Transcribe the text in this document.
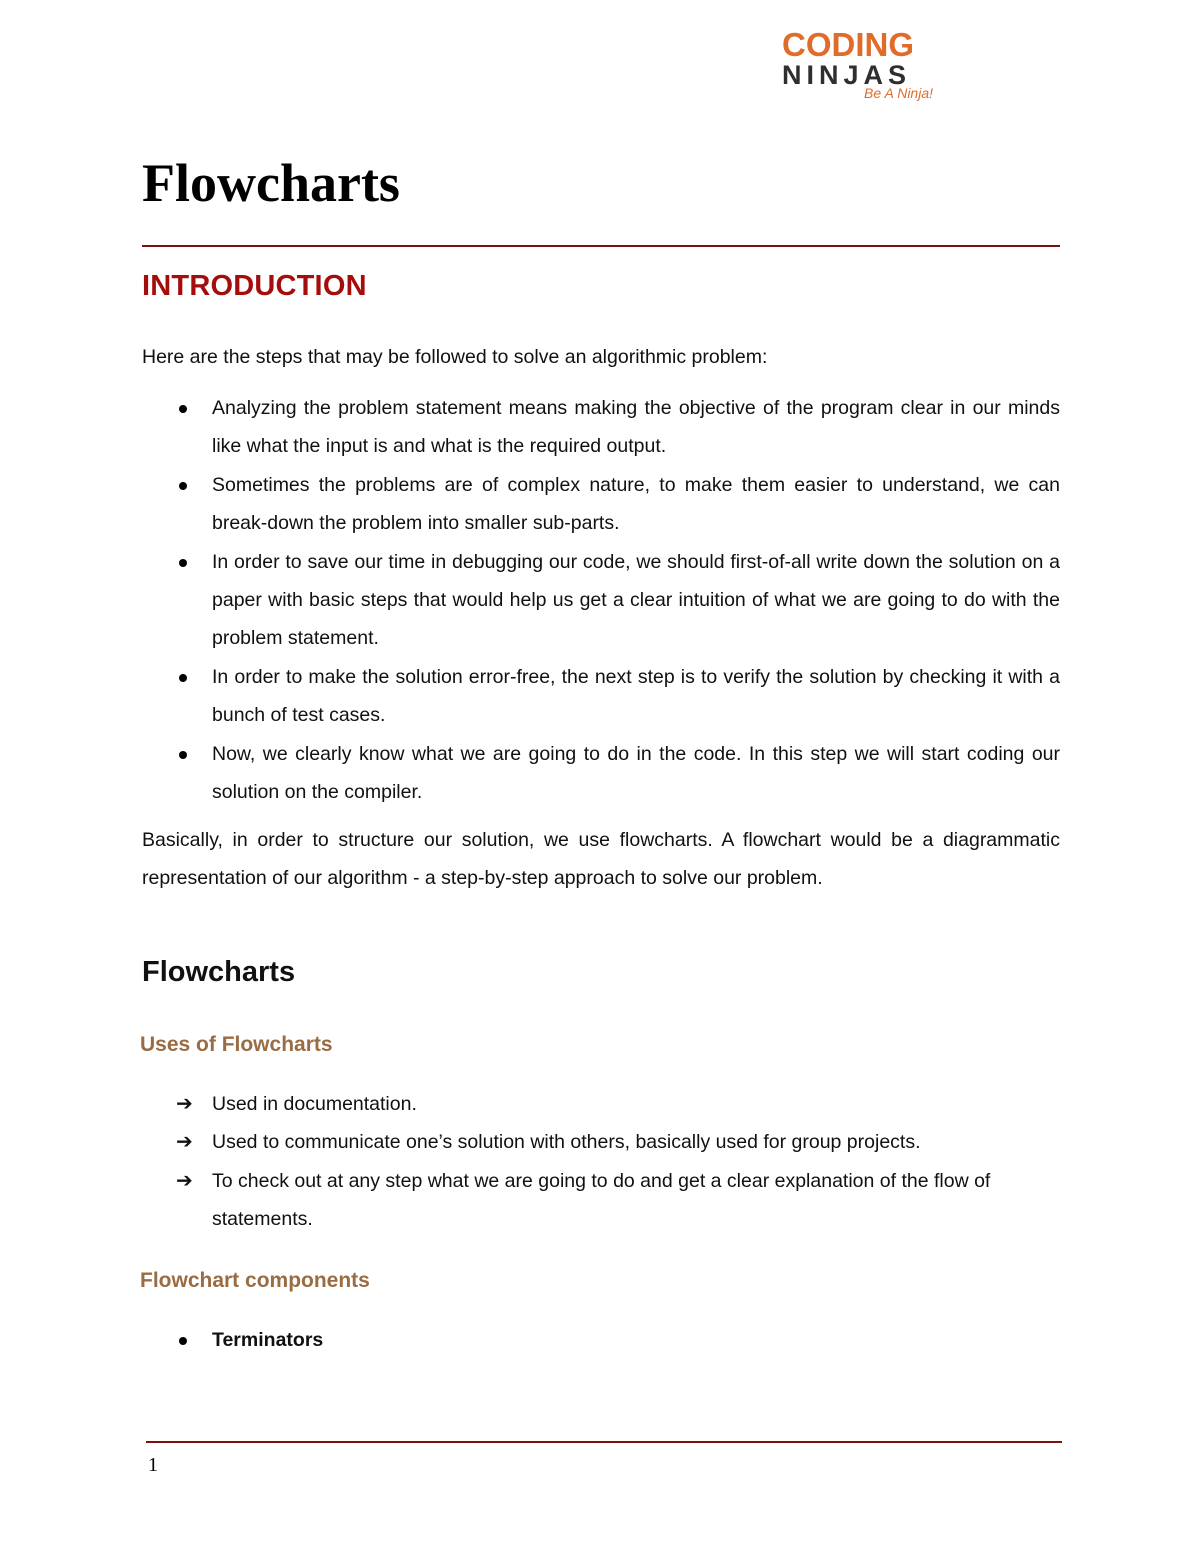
CODING
NINJAS
Be A Ninja!
Flowcharts
INTRODUCTION

Here are the steps that may be followed to solve an algorithmic problem:

Analyzing the problem statement means making the objective of the program clear in our minds like what the input is and what is the required output.
Sometimes the problems are of complex nature, to make them easier to understand, we can break-down the problem into smaller sub-parts.
In order to save our time in debugging our code, we should first-of-all write down the solution on a paper with basic steps that would help us get a clear intuition of what we are going to do with the problem statement.
In order to make the solution error-free, the next step is to verify the solution by checking it with a bunch of test cases.
Now, we clearly know what we are going to do in the code. In this step we will start coding our solution on the compiler.

Basically, in order to structure our solution, we use flowcharts. A flowchart would be a diagrammatic representation of our algorithm - a step-by-step approach to solve our problem.

Flowcharts
Uses of Flowcharts
➔ Used in documentation.
➔ Used to communicate one’s solution with others, basically used for group projects.
➔ To check out at any step what we are going to do and get a clear explanation of the flow of statements.
Flowchart components
Terminators

1
